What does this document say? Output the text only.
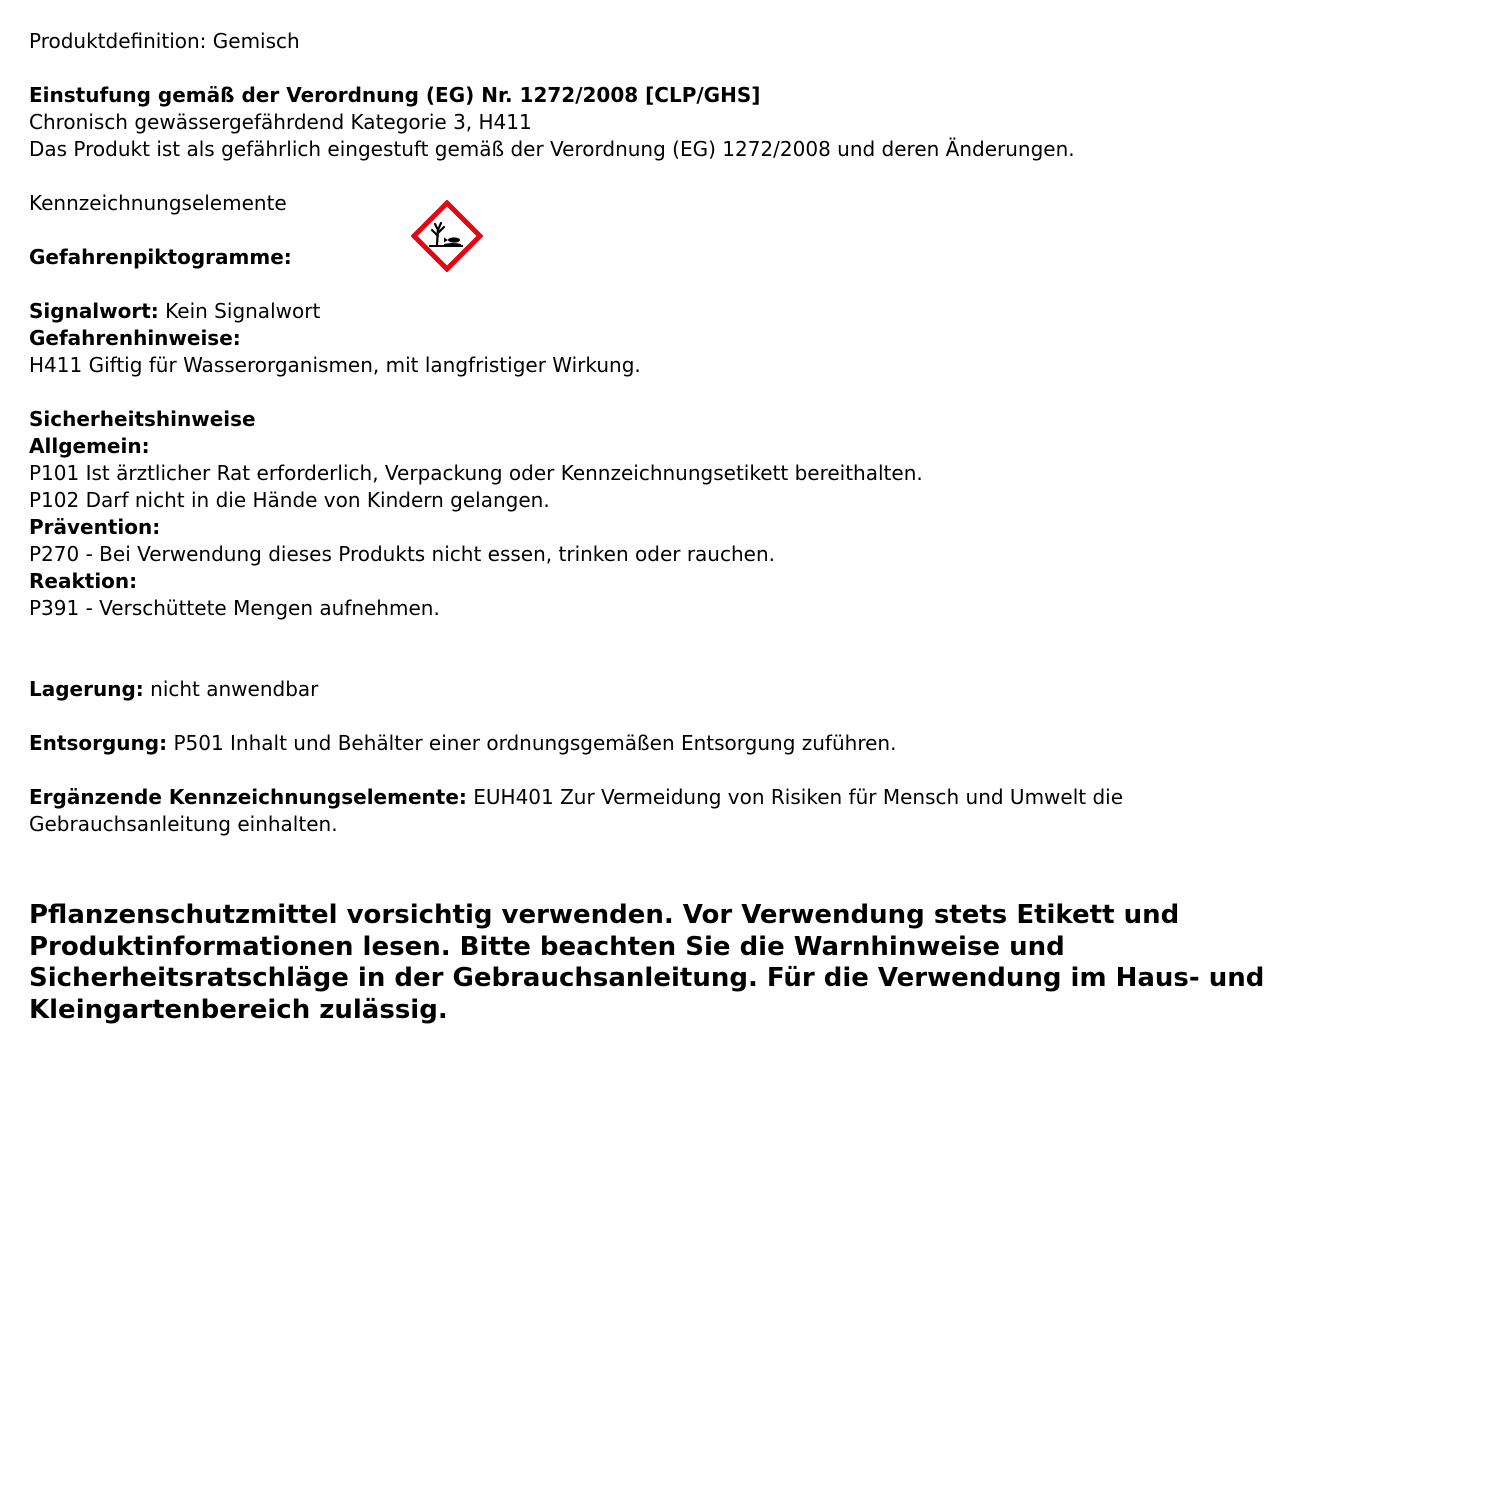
Produktdefinition: Gemisch
Einstufung gemäß der Verordnung (EG) Nr. 1272/2008 [CLP/GHS]
Chronisch gewässergefährdend Kategorie 3, H411
Das Produkt ist als gefährlich eingestuft gemäß der Verordnung (EG) 1272/2008 und deren Änderungen.
Kennzeichnungselemente
Gefahrenpiktogramme:
Signalwort: Kein Signalwort
Gefahrenhinweise:
H411 Giftig für Wasserorganismen, mit langfristiger Wirkung.
Sicherheitshinweise
Allgemein:
P101 Ist ärztlicher Rat erforderlich, Verpackung oder Kennzeichnungsetikett bereithalten.
P102 Darf nicht in die Hände von Kindern gelangen.
Prävention:
P270 - Bei Verwendung dieses Produkts nicht essen, trinken oder rauchen.
Reaktion:
P391 - Verschüttete Mengen aufnehmen.
Lagerung: nicht anwendbar
Entsorgung: P501 Inhalt und Behälter einer ordnungsgemäßen Entsorgung zuführen.
Ergänzende Kennzeichnungselemente: EUH401 Zur Vermeidung von Risiken für Mensch und Umwelt die Gebrauchsanleitung einhalten.
Pflanzenschutzmittel vorsichtig verwenden. Vor Verwendung stets Etikett und Produktinformationen lesen. Bitte beachten Sie die Warnhinweise und Sicherheitsratschläge in der Gebrauchsanleitung. Für die Verwendung im Haus- und Kleingartenbereich zulässig.
